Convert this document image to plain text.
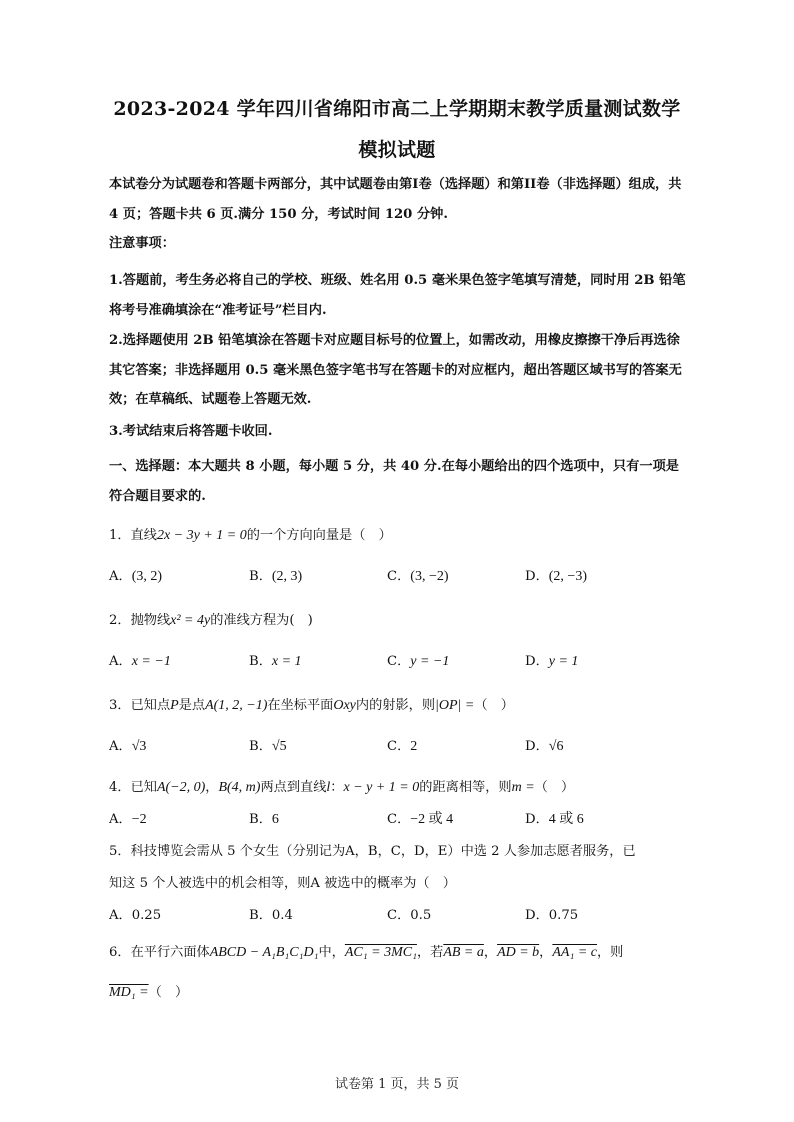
2023-2024 学年四川省绵阳市高二上学期期末教学质量测试数学
模拟试题
本试卷分为试题卷和答题卡两部分，其中试题卷由第I卷（选择题）和第II卷（非选择题）组成，共 4 页；答题卡共 6 页.满分 150 分，考试时间 120 分钟.
注意事项：
1.答题前，考生务必将自己的学校、班级、姓名用 0.5 毫米果色签字笔填写清楚，同时用 2B 铅笔将考号准确填涂在“准考证号”栏目内.
2.选择题使用 2B 铅笔填涂在答题卡对应题目标号的位置上，如需改动，用橡皮擦擦干净后再选徐其它答案；非选择题用 0.5 毫米黑色签字笔书写在答题卡的对应框内，超出答题区域书写的答案无效；在草稿纸、试题卷上答题无效.
3.考试结束后将答题卡收回.
一、选择题：本大题共 8 小题，每小题 5 分，共 40 分.在每小题给出的四个选项中，只有一项是符合题目要求的.
1．直线2x − 3y + 1 = 0的一个方向向量是（　）
A．(3, 2)	B．(2, 3)	C．(3, −2)	D．(2, −3)
2．抛物线x² = 4y的准线方程为(　)
A．x = −1	B．x = 1	C．y = −1	D．y = 1
3．已知点P是点A(1, 2, −1)在坐标平面Oxy内的射影，则|OP| =（　）
A．√3	B．√5	C．2	D．√6
4．已知A(−2, 0)，B(4, m)两点到直线l：x − y + 1 = 0的距离相等，则m =（　）
A．−2	B．6	C．−2 或 4	D．4 或 6
5．科技博览会需从 5 个女生（分别记为A，B，C，D，E）中选 2 人参加志愿者服务，已
知这 5 个人被选中的机会相等，则A 被选中的概率为（　）
A．0.25	B．0.4	C．0.5	D．0.75
6．在平行六面体ABCD − A₁B₁C₁D₁中，AC₁ = 3MC₁，若AB = a，AD = b，AA₁ = c，则
MD₁ =（　）
试卷第 1 页，共 5 页
